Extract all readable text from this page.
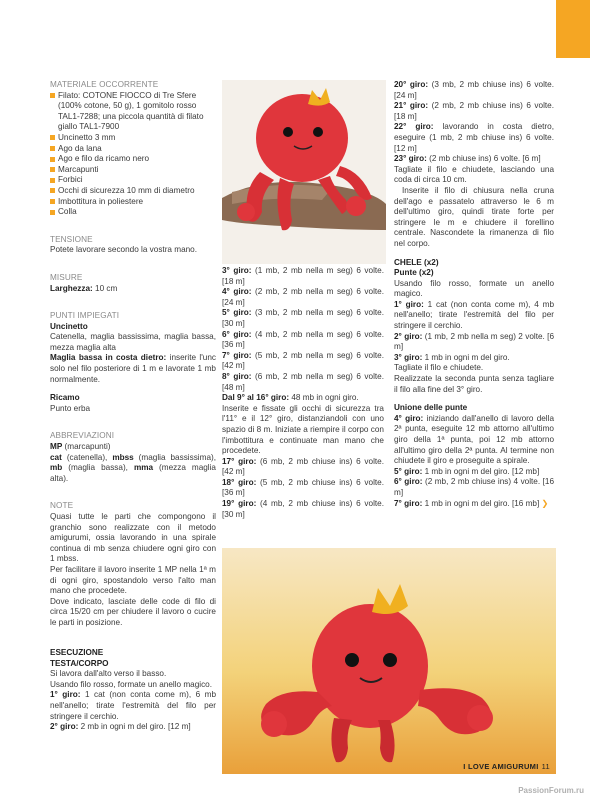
MATERIALE OCCORRENTE
Filato: COTONE FIOCCO di Tre Sfere (100% cotone, 50 g), 1 gomitolo rosso TAL1-7288; una piccola quantità di filato giallo TAL1-7900
Uncinetto 3 mm
Ago da lana
Ago e filo da ricamo nero
Marcapunti
Forbici
Occhi di sicurezza 10 mm di diametro
Imbottitura in poliestere
Colla
TENSIONE

Potete lavorare secondo la vostra mano.

MISURE

Larghezza: 10 cm

PUNTI IMPIEGATI

Uncinetto

Catenella, maglia bassissima, maglia bassa, mezza maglia alta

Maglia bassa in costa dietro: inserite l'unc solo nel filo posteriore di 1 m e lavorate 1 mb normalmente.

Ricamo

Punto erba

ABBREVIAZIONI

MP (marcapunti)

cat (catenella), mbss (maglia bassissima), mb (maglia bassa), mma (mezza maglia alta).

NOTE

Quasi tutte le parti che compongono il granchio sono realizzate con il metodo amigurumi, ossia lavorando in una spirale continua di mb senza chiudere ogni giro con 1 mbss.

Per facilitare il lavoro inserite 1 MP nella 1ª m di ogni giro, spostandolo verso l'alto man mano che procedete.

Dove indicato, lasciate delle code di filo di circa 15/20 cm per chiudere il lavoro o cucire le parti in posizione.

ESECUZIONE

TESTA/CORPO

Si lavora dall'alto verso il basso.

Usando filo rosso, formate un anello magico.

1° giro: 1 cat (non conta come m), 6 mb nell'anello; tirate l'estremità del filo per stringere il cerchio.

2° giro: 2 mb in ogni m del giro. [12 m]

3° giro: (1 mb, 2 mb nella m seg) 6 volte. [18 m]

4° giro: (2 mb, 2 mb nella m seg) 6 volte. [24 m]

5° giro: (3 mb, 2 mb nella m seg) 6 volte. [30 m]

6° giro: (4 mb, 2 mb nella m seg) 6 volte. [36 m]

7° giro: (5 mb, 2 mb nella m seg) 6 volte. [42 m]

8° giro: (6 mb, 2 mb nella m seg) 6 volte. [48 m]

Dal 9° al 16° giro: 48 mb in ogni giro.

Inserite e fissate gli occhi di sicurezza tra l'11° e il 12° giro, distanziandoli con uno spazio di 8 m. Iniziate a riempire il corpo con l'imbottitura e continuate man mano che procedete.

17° giro: (6 mb, 2 mb chiuse ins) 6 volte. [42 m]

18° giro: (5 mb, 2 mb chiuse ins) 6 volte. [36 m]

19° giro: (4 mb, 2 mb chiuse ins) 6 volte. [30 m]

20° giro: (3 mb, 2 mb chiuse ins) 6 volte. [24 m]

21° giro: (2 mb, 2 mb chiuse ins) 6 volte. [18 m]

22° giro: lavorando in costa dietro, eseguire (1 mb, 2 mb chiuse ins) 6 volte. [12 m]

23° giro: (2 mb chiuse ins) 6 volte. [6 m]

Tagliate il filo e chiudete, lasciando una coda di circa 10 cm.

Inserite il filo di chiusura nella cruna dell'ago e passatelo attraverso le 6 m dell'ultimo giro, quindi tirate forte per stringere le m e chiudere il forellino centrale. Nascondete la rimanenza di filo nel corpo.

CHELE (x2)

Punte (x2)

Usando filo rosso, formate un anello magico.

1° giro: 1 cat (non conta come m), 4 mb nell'anello; tirate l'estremità del filo per stringere il cerchio.

2° giro: (1 mb, 2 mb nella m seg) 2 volte. [6 m]

3° giro: 1 mb in ogni m del giro.

Tagliate il filo e chiudete.

Realizzate la seconda punta senza tagliare il filo alla fine del 3° giro.

Unione delle punte

4° giro: iniziando dall'anello di lavoro della 2ª punta, eseguite 12 mb attorno all'ultimo giro della 1ª punta, poi 12 mb attorno all'ultimo giro della 2ª punta. Al termine non chiudete il giro e proseguite a spirale.

5° giro: 1 mb in ogni m del giro. [12 mb]

6° giro: (2 mb, 2 mb chiuse ins) 4 volte. [16 m]

7° giro: 1 mb in ogni m del giro. [16 mb] ❯

I LOVE AMIGURUMI 11
PassionForum.ru
